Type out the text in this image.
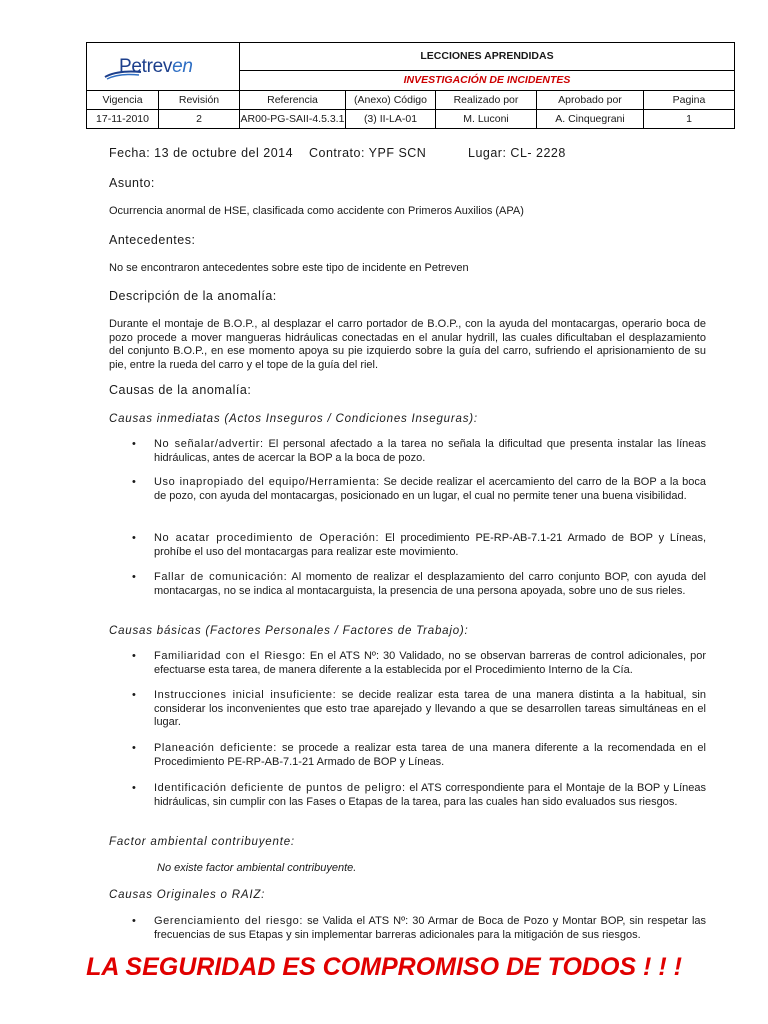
Petreven		LECCIONES APRENDIDAS				
		INVESTIGACIÓN DE INCIDENTES				
Vigencia	Revisión	Referencia	(Anexo) Código	Realizado por	Aprobado por	Pagina
17-11-2010	2	AR00-PG-SAII-4.5.3.1	(3) II-LA-01	M. Luconi	A. Cinquegrani	1
Fecha: 13 de octubre del 2014 Contrato: YPF SCN	Lugar: CL- 2228
Asunto:
Ocurrencia anormal de HSE, clasificada como accidente con Primeros Auxilios (APA)
Antecedentes:
No se encontraron antecedentes sobre este tipo de incidente en Petreven
Descripción de la anomalía:
Durante el montaje de B.O.P., al desplazar el carro portador de B.O.P., con la ayuda del montacargas, operario boca de pozo procede a mover mangueras hidráulicas conectadas en el anular hydrill, las cuales dificultaban el desplazamiento del conjunto B.O.P., en ese momento apoya su pie izquierdo sobre la guía del carro, sufriendo el aprisionamiento de su pie, entre la rueda del carro y el tope de la guía del riel.
Causas de la anomalía:
Causas inmediatas (Actos Inseguros / Condiciones Inseguras):
• No señalar/advertir: El personal afectado a la tarea no señala la dificultad que presenta instalar las líneas hidráulicas, antes de acercar la BOP a la boca de pozo.
• Uso inapropiado del equipo/Herramienta: Se decide realizar el acercamiento del carro de la BOP a la boca de pozo, con ayuda del montacargas, posicionado en un lugar, el cual no permite tener una buena visibilidad.
• No acatar procedimiento de Operación: El procedimiento PE-RP-AB-7.1-21 Armado de BOP y Líneas, prohíbe el uso del montacargas para realizar este movimiento.
• Fallar de comunicación: Al momento de realizar el desplazamiento del carro conjunto BOP, con ayuda del montacargas, no se indica al montacarguista, la presencia de una persona apoyada, sobre uno de sus rieles.
Causas básicas (Factores Personales / Factores de Trabajo):
• Familiaridad con el Riesgo: En el ATS Nº: 30 Validado, no se observan barreras de control adicionales, por efectuarse esta tarea, de manera diferente a la establecida por el Procedimiento Interno de la Cía.
• Instrucciones inicial insuficiente: se decide realizar esta tarea de una manera distinta a la habitual, sin considerar los inconvenientes que esto trae aparejado y llevando a que se desarrollen tareas simultáneas en el lugar.
• Planeación deficiente: se procede a realizar esta tarea de una manera diferente a la recomendada en el Procedimiento PE-RP-AB-7.1-21 Armado de BOP y Líneas.
• Identificación deficiente de puntos de peligro: el ATS correspondiente para el Montaje de la BOP y Líneas hidráulicas, sin cumplir con las Fases o Etapas de la tarea, para las cuales han sido evaluados sus riesgos.
Factor ambiental contribuyente:
No existe factor ambiental contribuyente.
Causas Originales o RAIZ:
• Gerenciamiento del riesgo: se Valida el ATS Nº: 30 Armar de Boca de Pozo y Montar BOP, sin respetar las frecuencias de sus Etapas y sin implementar barreras adicionales para la mitigación de sus riesgos.
LA SEGURIDAD ES COMPROMISO DE TODOS ! ! !
